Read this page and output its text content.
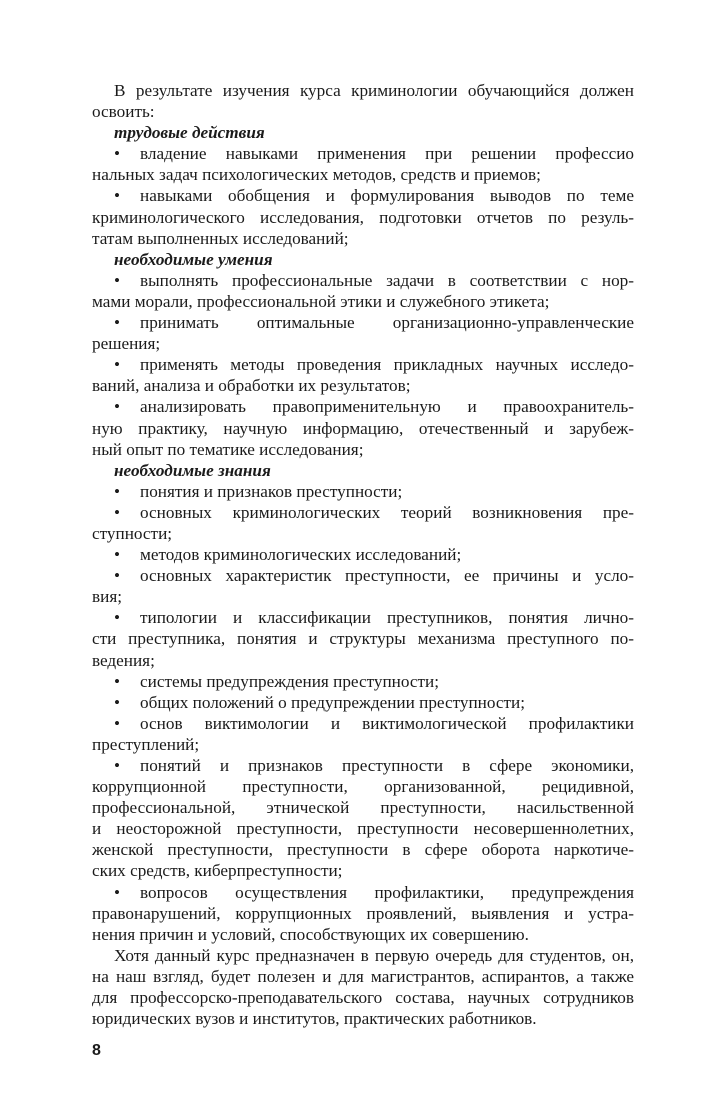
В результате изучения курса криминологии обучающийся должен
освоить:
трудовые действия
• владение навыками применения при решении профессио
нальных задач психологических методов, средств и приемов;
• навыками обобщения и формулирования выводов по теме
криминологического исследования, подготовки отчетов по резуль-
татам выполненных исследований;
необходимые умения
• выполнять профессиональные задачи в соответствии с нор-
мами морали, профессиональной этики и служебного этикета;
• принимать оптимальные организационно-управленческие
решения;
• применять методы проведения прикладных научных исследо-
ваний, анализа и обработки их результатов;
• анализировать правоприменительную и правоохранитель-
ную практику, научную информацию, отечественный и зарубеж-
ный опыт по тематике исследования;
необходимые знания
• понятия и признаков преступности;
• основных криминологических теорий возникновения пре-
ступности;
• методов криминологических исследований;
• основных характеристик преступности, ее причины и усло-
вия;
• типологии и классификации преступников, понятия лично-
сти преступника, понятия и структуры механизма преступного по-
ведения;
• системы предупреждения преступности;
• общих положений о предупреждении преступности;
• основ виктимологии и виктимологической профилактики
преступлений;
• понятий и признаков преступности в сфере экономики,
коррупционной преступности, организованной, рецидивной,
профессиональной, этнической преступности, насильственной
и неосторожной преступности, преступности несовершеннолетних,
женской преступности, преступности в сфере оборота наркотиче-
ских средств, киберпреступности;
• вопросов осуществления профилактики, предупреждения
правонарушений, коррупционных проявлений, выявления и устра-
нения причин и условий, способствующих их совершению.
Хотя данный курс предназначен в первую очередь для студентов, он,
на наш взгляд, будет полезен и для магистрантов, аспирантов, а также
для профессорско-преподавательского состава, научных сотрудников
юридических вузов и институтов, практических работников.
8
